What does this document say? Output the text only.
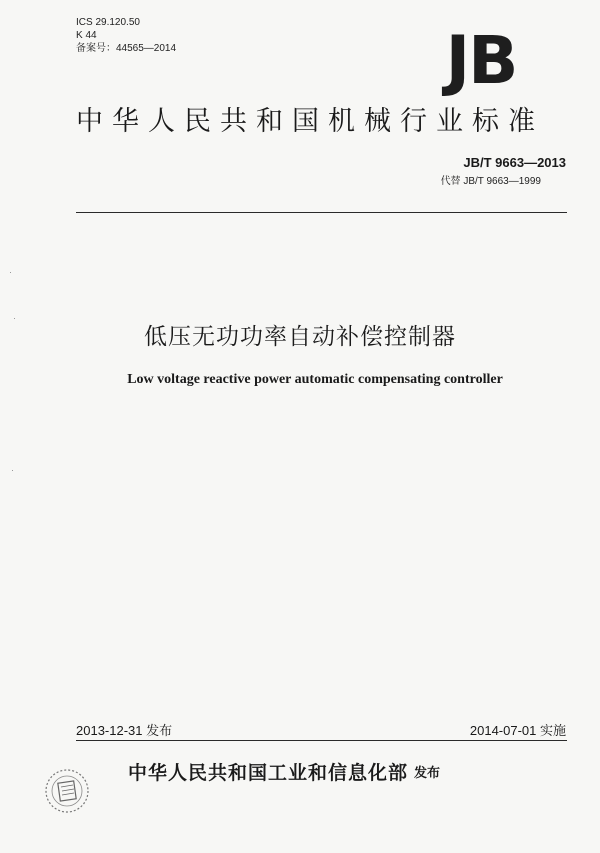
ICS 29.120.50
K 44
备案号：44565—2014	JB
中华人民共和国机械行业标准
JB/T 9663—2013
代替 JB/T 9663—1999
低压无功功率自动补偿控制器
Low voltage reactive power automatic compensating controller
2013-12-31 发布	2014-07-01 实施
中华人民共和国工业和信息化部 发布
